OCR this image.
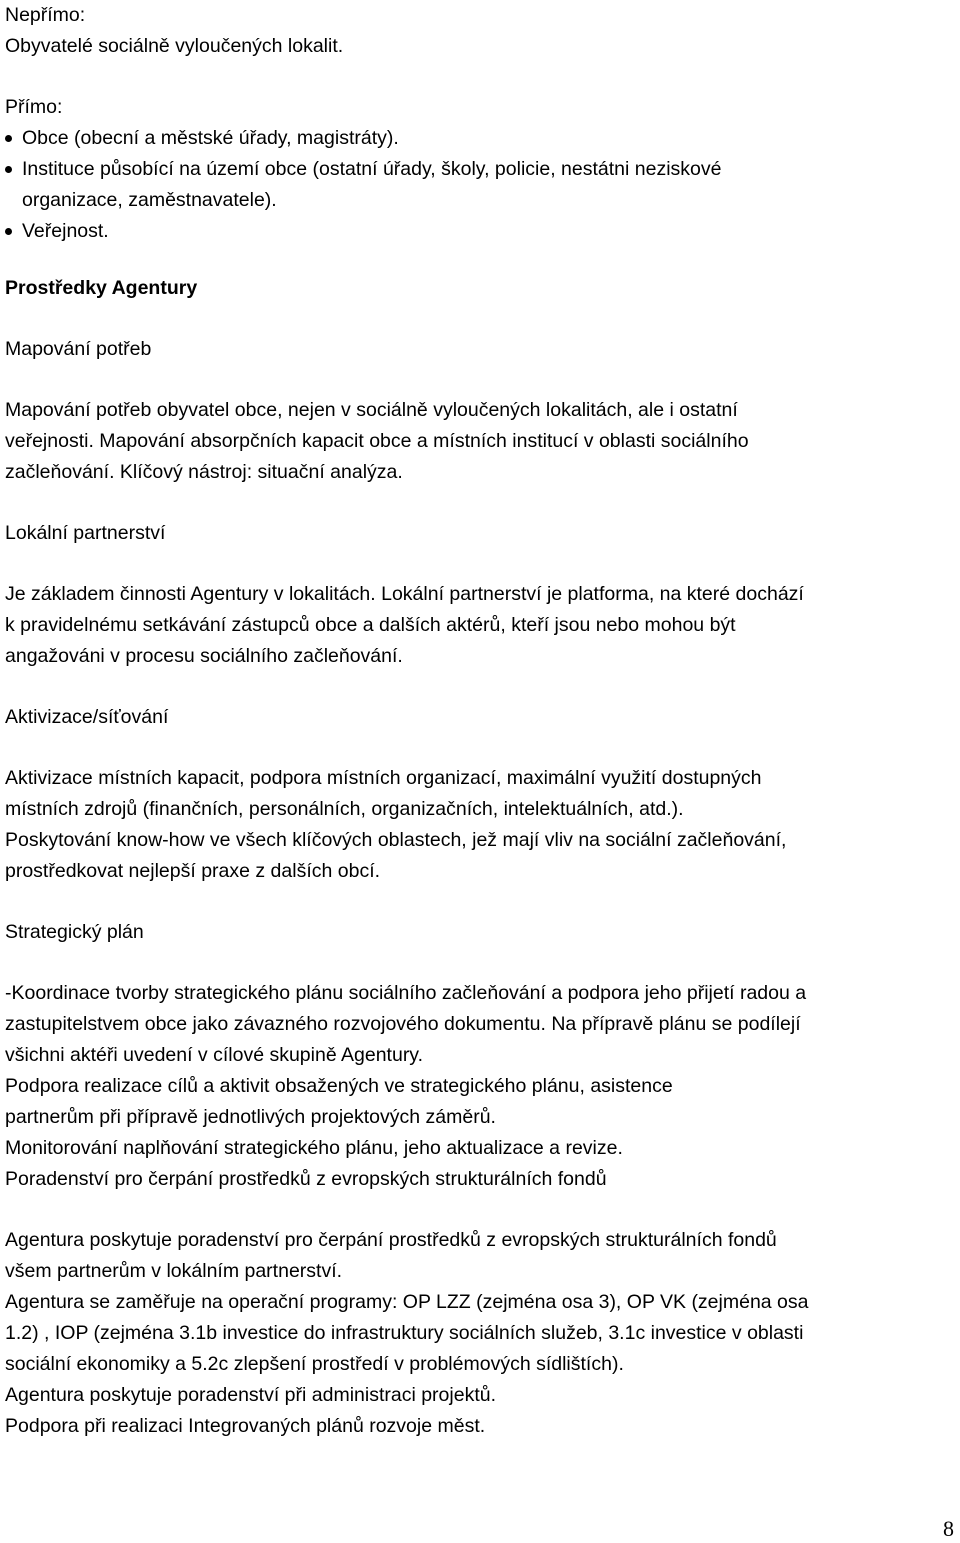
Nepřímo:
Obyvatelé sociálně vyloučených lokalit.
Přímo:
Obce (obecní a městské úřady, magistráty).
Instituce působící na území obce (ostatní úřady, školy, policie, nestátni neziskové
organizace, zaměstnavatele).
Veřejnost.
Prostředky Agentury
Mapování potřeb
Mapování potřeb obyvatel obce, nejen v sociálně vyloučených lokalitách, ale i ostatní
veřejnosti. Mapování absorpčních kapacit obce a místních institucí v oblasti sociálního
začleňování. Klíčový nástroj: situační analýza.
Lokální partnerství
Je základem činnosti Agentury v lokalitách. Lokální partnerství je platforma, na které dochází
k pravidelnému setkávání zástupců obce a dalších aktérů, kteří jsou nebo mohou být
angažováni v procesu sociálního začleňování.
Aktivizace/síťování
Aktivizace místních kapacit, podpora místních organizací, maximální využití dostupných
místních zdrojů (finančních, personálních, organizačních, intelektuálních, atd.).
Poskytování know-how ve všech klíčových oblastech, jež mají vliv na sociální začleňování,
prostředkovat nejlepší praxe z dalších obcí.
Strategický plán
-Koordinace tvorby strategického plánu sociálního začleňování a podpora jeho přijetí radou a
zastupitelstvem obce jako závazného rozvojového dokumentu. Na přípravě plánu se podílejí
všichni aktéři uvedení v cílové skupině Agentury.
Podpora realizace cílů a aktivit obsažených ve strategického plánu, asistence
partnerům při přípravě jednotlivých projektových záměrů.
Monitorování naplňování strategického plánu, jeho aktualizace a revize.
Poradenství pro čerpání prostředků z evropských strukturálních fondů
Agentura poskytuje poradenství pro čerpání prostředků z evropských strukturálních fondů
všem partnerům v lokálním partnerství.
Agentura se zaměřuje na operační programy: OP LZZ (zejména osa 3), OP VK (zejména osa
1.2) , IOP (zejména 3.1b investice do infrastruktury sociálních služeb, 3.1c investice v oblasti
sociální ekonomiky a 5.2c zlepšení prostředí v problémových sídlištích).
Agentura poskytuje poradenství při administraci projektů.
Podpora při realizaci Integrovaných plánů rozvoje měst.
8
